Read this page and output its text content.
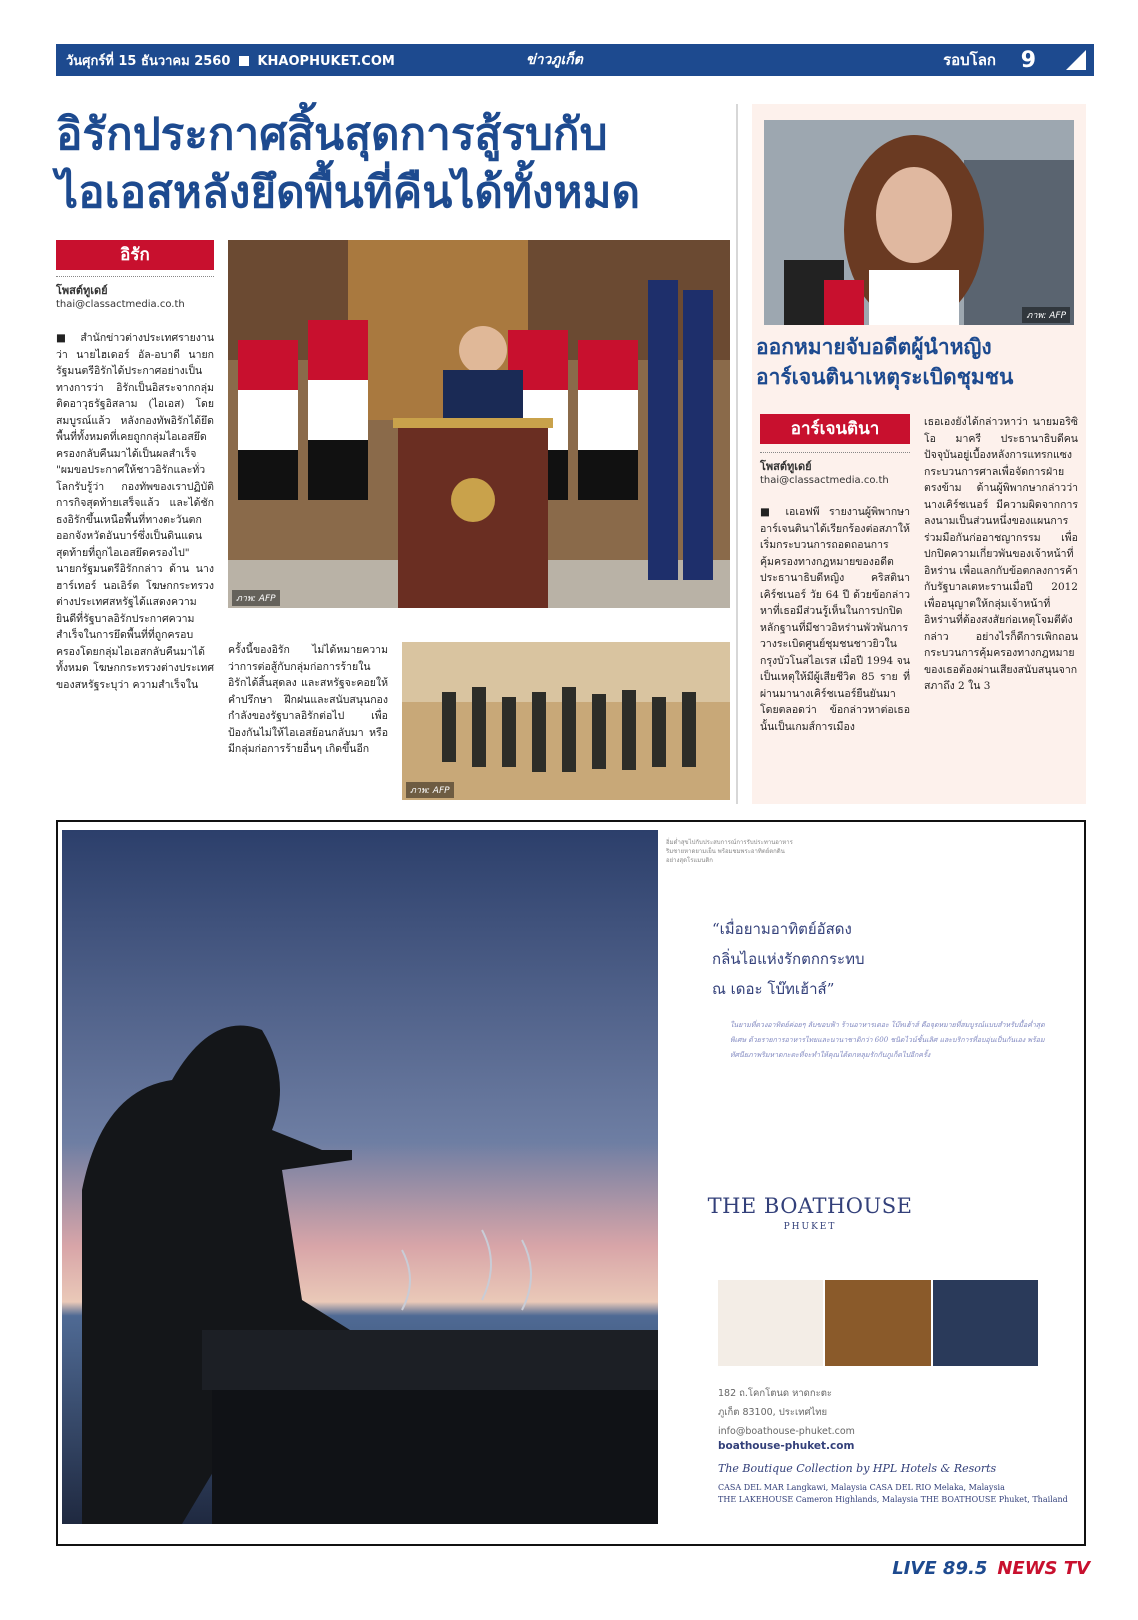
วันศุกร์ที่ 15 ธันวาคม 2560 KHAOPHUKET.COM	ข่าวภูเก็ต	รอบโลก 9
อิรักประกาศสิ้นสุดการสู้รบกับ
ไอเอสหลังยึดพื้นที่คืนได้ทั้งหมด
อิรัก
โพสต์ทูเดย์
thai@classactmedia.co.th
■ สำนักข่าวต่างประเทศรายงานว่า นายไฮเดอร์ อัล-อบาดี นายกรัฐมนตรีอิรักได้ประกาศอย่างเป็นทางการว่า อิรักเป็นอิสระจากกลุ่มติดอาวุธรัฐอิสลาม (ไอเอส) โดยสมบูรณ์แล้ว หลังกองทัพอิรักได้ยึดพื้นที่ทั้งหมดที่เคยถูกกลุ่มไอเอสยึดครองกลับคืนมาได้เป็นผลสำเร็จ "ผมขอประกาศให้ชาวอิรักและทั่วโลกรับรู้ว่า กองทัพของเราปฏิบัติการกิจสุดท้ายเสร็จแล้ว และได้ชักธงอิรักขึ้นเหนือพื้นที่ทางตะวันตกออกจังหวัดอันบาร์ซึ่งเป็นดินแดนสุดท้ายที่ถูกไอเอสยึดครองไป" นายกรัฐมนตรีอิรักกล่าว ด้าน นางฮาร์เทอร์ นอเอิร์ต โฆษกกระทรวงต่างประเทศสหรัฐได้แสดงความยินดีที่รัฐบาลอิรักประกาศความสำเร็จในการยึดพื้นที่ที่ถูกครอบครองโดยกลุ่มไอเอสกลับคืนมาได้ทั้งหมด โฆษกกระทรวงต่างประเทศของสหรัฐระบุว่า ความสำเร็จใน
ภาพ: AFP
ครั้งนี้ของอิรัก ไม่ได้หมายความว่าการต่อสู้กับกลุ่มก่อการร้ายในอิรักได้สิ้นสุดลง และสหรัฐจะคอยให้คำปรึกษา ฝึกฝนและสนับสนุนกองกำลังของรัฐบาลอิรักต่อไป เพื่อป้องกันไม่ให้ไอเอสย้อนกลับมา หรือมีกลุ่มก่อการร้ายอื่นๆ เกิดขึ้นอีก
ภาพ: AFP
ภาพ: AFP
ออกหมายจับอดีตผู้นำหญิงอาร์เจนตินาเหตุระเบิดชุมชน
อาร์เจนตินา
โพสต์ทูเดย์
thai@classactmedia.co.th
■ เอเอฟพี รายงานผู้พิพากษาอาร์เจนตินาได้เรียกร้องต่อสภาให้เริ่มกระบวนการถอดถอนการคุ้มครองทางกฎหมายของอดีตประธานาธิบดีหญิง คริสตินา เคิร์ชเนอร์ วัย 64 ปี ด้วยข้อกล่าวหาที่เธอมีส่วนรู้เห็นในการปกปิดหลักฐานที่มีชาวอิหร่านพัวพันการวางระเบิดศูนย์ชุมชนชาวยิวในกรุงบัวโนสไอเรส เมื่อปี 1994 จนเป็นเหตุให้มีผู้เสียชีวิต 85 ราย ที่ผ่านมานางเคิร์ชเนอร์ยืนยันมาโดยตลอดว่า ข้อกล่าวหาต่อเธอนั้นเป็นเกมส์การเมือง
เธอเองยังได้กล่าวหาว่า นายมอริซิโอ มาครี ประธานาธิบดีคนปัจจุบันอยู่เบื้องหลังการแทรกแซงกระบวนการศาลเพื่อจัดการฝ่ายตรงข้าม ด้านผู้พิพากษากล่าวว่า นางเคิร์ชเนอร์ มีความผิดจากการลงนามเป็นส่วนหนึ่งของแผนการร่วมมือกันก่ออาชญากรรม เพื่อปกปิดความเกี่ยวพันของเจ้าหน้าที่อิหร่าน เพื่อแลกกับข้อตกลงการค้ากับรัฐบาลเตหะรานเมื่อปี 2012 เพื่ออนุญาตให้กลุ่มเจ้าหน้าที่อิหร่านที่ต้องสงสัยก่อเหตุโจมตีดังกล่าว อย่างไรก็ดีการเพิกถอนกระบวนการคุ้มครองทางกฎหมายของเธอต้องผ่านเสียงสนับสนุนจากสภาถึง 2 ใน 3
อิ่มด่ำสุขไปกับประสบการณ์การรับประทานอาหารริมชายหาดยามเย็น พร้อมชมพระอาทิตย์ตกดินอย่างสุดโรแมนติก
“เมื่อยามอาทิตย์อัสดง
กลิ่นไอแห่งรักตกกระทบ
ณ เดอะ โบ๊ทเฮ้าส์”
ในยามที่ดวงอาทิตย์ค่อยๆ ลับขอบฟ้า ร้านอาหารเดอะ โบ๊ทเฮ้าส์ คือจุดหมายที่สมบูรณ์แบบสำหรับมื้อค่ำสุดพิเศษ ด้วยรายการอาหารไทยและนานาชาติกว่า 600 ชนิดไวน์ชั้นเลิศ และบริการที่อบอุ่นเป็นกันเอง พร้อมทัศนียภาพริมหาดกะตะที่จะทำให้คุณได้ตกหลุมรักกับภูเก็ตไปอีกครั้ง
THE BOATHOUSE
PHUKET
182 ถ.โคกโตนด หาดกะตะ
ภูเก็ต 83100, ประเทศไทย
info@boathouse-phuket.com
boathouse-phuket.com
The Boutique Collection by HPL Hotels & Resorts
CASA DEL MAR Langkawi, Malaysia CASA DEL RIO Melaka, Malaysia
THE LAKEHOUSE Cameron Highlands, Malaysia THE BOATHOUSE Phuket, Thailand
LIVE 89.5 NEWS TV
